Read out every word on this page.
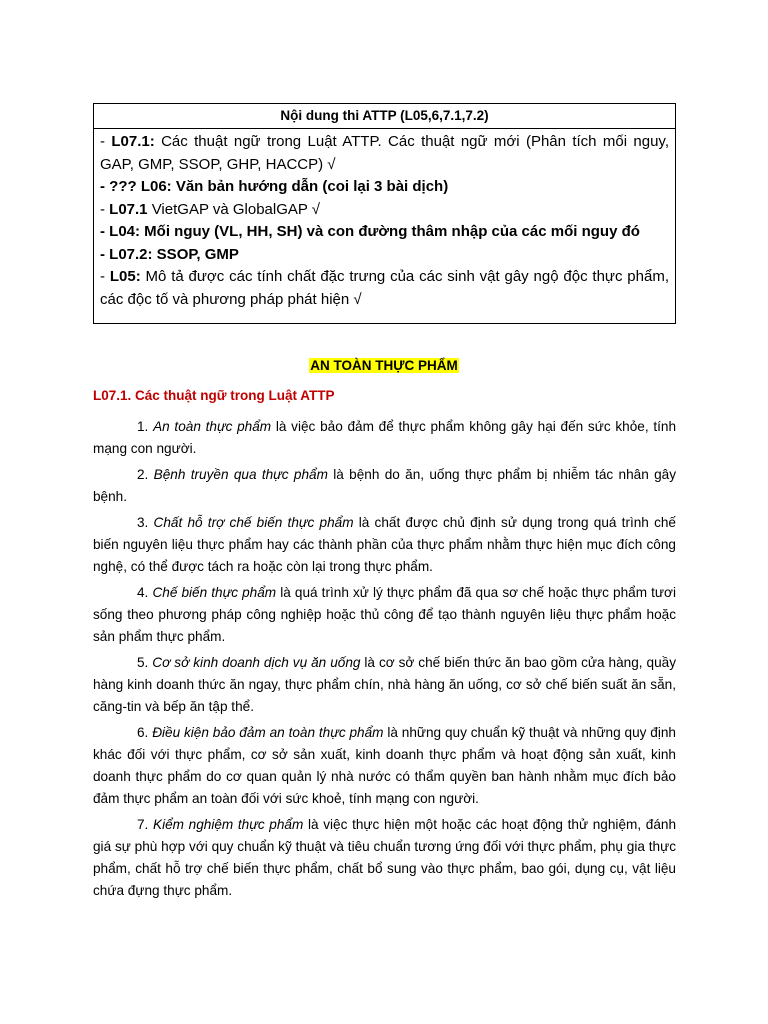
Nội dung thi ATTP (L05,6,7.1,7.2)

- L07.1: Các thuật ngữ trong Luật ATTP. Các thuật ngữ mới (Phân tích mối nguy, GAP, GMP, SSOP, GHP, HACCP) √

- ??? L06: Văn bản hướng dẫn (coi lại 3 bài dịch)

- L07.1 VietGAP và GlobalGAP √

- L04: Mối nguy (VL, HH, SH) và con đường thâm nhập của các mối nguy đó

- L07.2: SSOP, GMP

- L05: Mô tả được các tính chất đặc trưng của các sinh vật gây ngộ độc thực phẩm, các độc tố và phương pháp phát hiện √

AN TOÀN THỰC PHẨM
L07.1. Các thuật ngữ trong Luật ATTP

1. An toàn thực phẩm là việc bảo đảm để thực phẩm không gây hại đến sức khỏe, tính mạng con người.

2. Bệnh truyền qua thực phẩm là bệnh do ăn, uống thực phẩm bị nhiễm tác nhân gây bệnh.

3. Chất hỗ trợ chế biến thực phẩm là chất được chủ định sử dụng trong quá trình chế biến nguyên liệu thực phẩm hay các thành phần của thực phẩm nhằm thực hiện mục đích công nghệ, có thể được tách ra hoặc còn lại trong thực phẩm.

4. Chế biến thực phẩm là quá trình xử lý thực phẩm đã qua sơ chế hoặc thực phẩm tươi sống theo phương pháp công nghiệp hoặc thủ công để tạo thành nguyên liệu thực phẩm hoặc sản phẩm thực phẩm.

5. Cơ sở kinh doanh dịch vụ ăn uống là cơ sở chế biến thức ăn bao gồm cửa hàng, quầy hàng kinh doanh thức ăn ngay, thực phẩm chín, nhà hàng ăn uống, cơ sở chế biến suất ăn sẵn, căng-tin và bếp ăn tập thể.

6. Điều kiện bảo đảm an toàn thực phẩm là những quy chuẩn kỹ thuật và những quy định khác đối với thực phẩm, cơ sở sản xuất, kinh doanh thực phẩm và hoạt động sản xuất, kinh doanh thực phẩm do cơ quan quản lý nhà nước có thẩm quyền ban hành nhằm mục đích bảo đảm thực phẩm an toàn đối với sức khoẻ, tính mạng con người.

7. Kiểm nghiệm thực phẩm là việc thực hiện một hoặc các hoạt động thử nghiệm, đánh giá sự phù hợp với quy chuẩn kỹ thuật và tiêu chuẩn tương ứng đối với thực phẩm, phụ gia thực phẩm, chất hỗ trợ chế biến thực phẩm, chất bổ sung vào thực phẩm, bao gói, dụng cụ, vật liệu chứa đựng thực phẩm.
